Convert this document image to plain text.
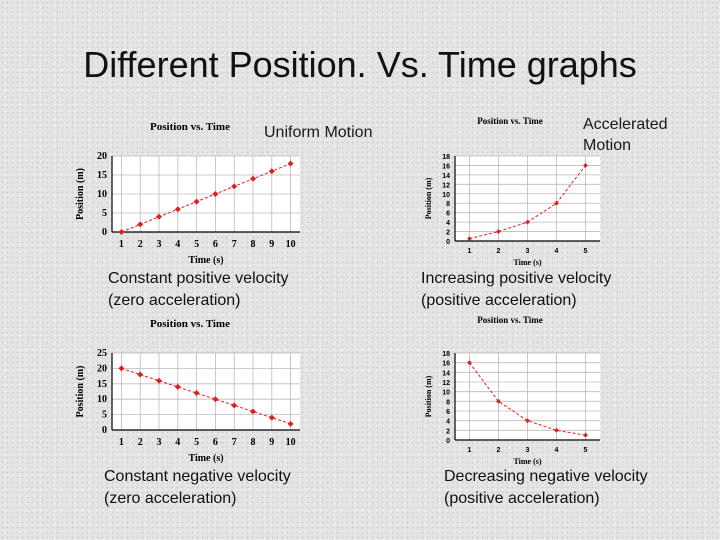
Different Position. Vs. Time graphs
Uniform Motion	Accelerated Motion
Position vs. Time
1 2 3 4 5 6 7 8 9 10
0
5
10
15
20
Time (s)
Position (m)
Position vs. Time
1	2	3	4	5
0
2
4
6
8
10
12
14
16
18
Time (s)
Position (m)
Position vs. Time
1 2 3 4 5 6 7 8 9 10
0
5
10
15
20
25
Time (s)
Position (m)
Position vs. Time
1	2	3	4	5
0
2
4
6
8
10
12
14
16
18
Time (s)
Position (m)
Constant positive velocity
(zero acceleration)
Increasing positive velocity
(positive acceleration)
Constant negative velocity
(zero acceleration)
Decreasing negative velocity
(positive acceleration)
